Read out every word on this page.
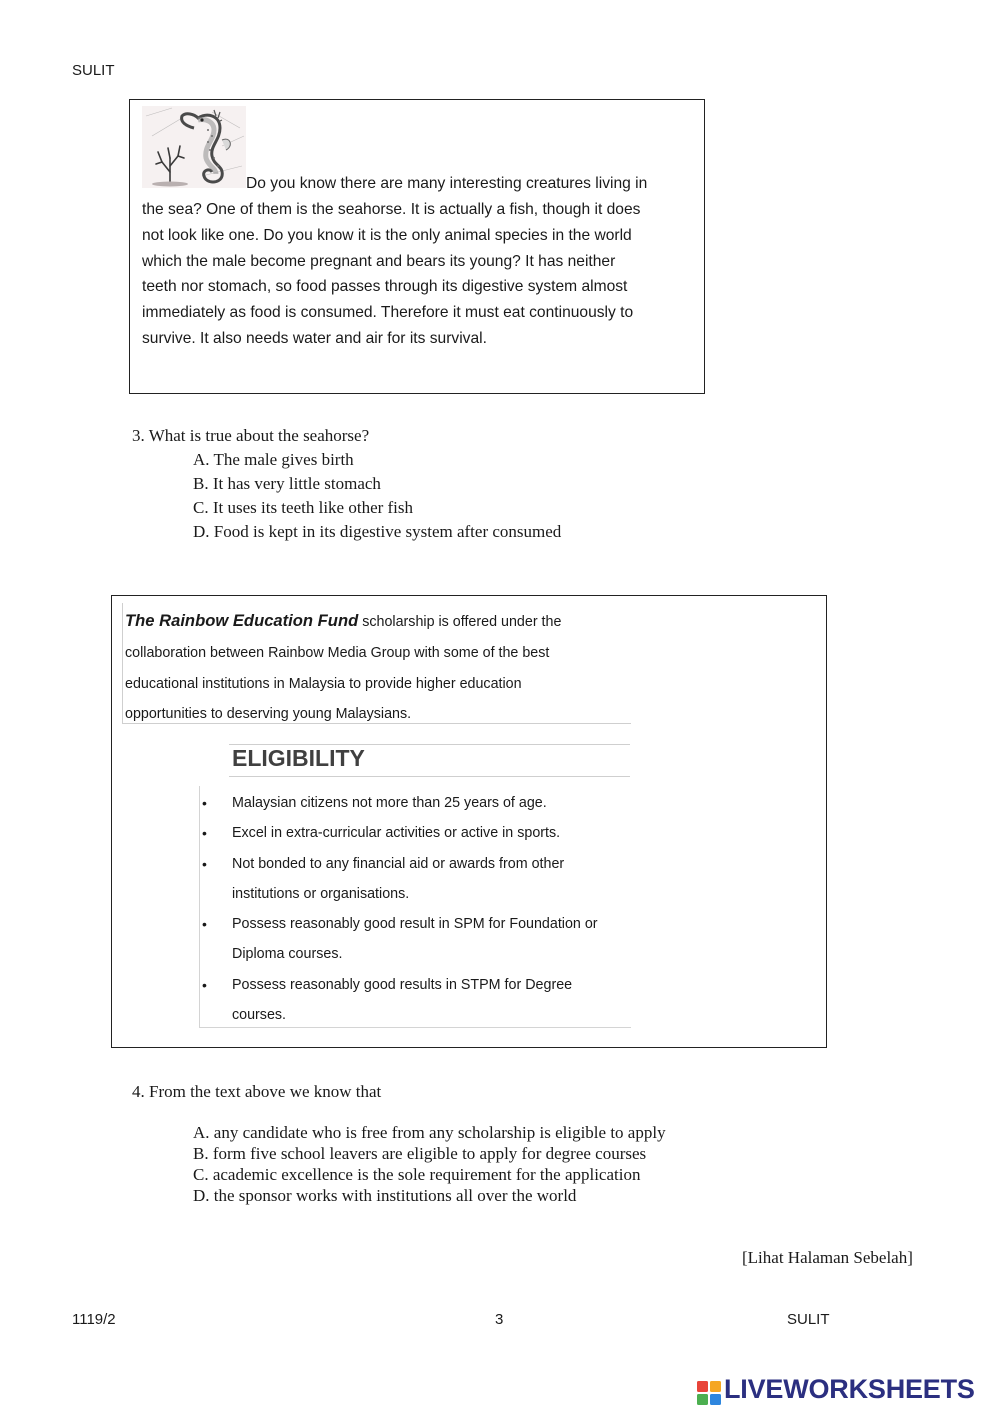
SULIT
Do you know there are many interesting creatures living in
the sea? One of them is the seahorse. It is actually a fish, though it does
not look like one. Do you know it is the only animal species in the world
which the male become pregnant and bears its young? It has neither
teeth nor stomach, so food passes through its digestive system almost
immediately as food is consumed. Therefore it must eat continuously to
survive. It also needs water and air for its survival.
3. What is true about the seahorse?
A. The male gives birth
B. It has very little stomach
C. It uses its teeth like other fish
D. Food is kept in its digestive system after consumed
The Rainbow Education Fund scholarship is offered under the
collaboration between Rainbow Media Group with some of the best
educational institutions in Malaysia to provide higher education
opportunities to deserving young Malaysians.
ELIGIBILITY
• Malaysian citizens not more than 25 years of age.
• Excel in extra-curricular activities or active in sports.
• Not bonded to any financial aid or awards from other
institutions or organisations.
• Possess reasonably good result in SPM for Foundation or
Diploma courses.
• Possess reasonably good results in STPM for Degree
courses.
4. From the text above we know that
A. any candidate who is free from any scholarship is eligible to apply
B. form five school leavers are eligible to apply for degree courses
C. academic excellence is the sole requirement for the application
D. the sponsor works with institutions all over the world
[Lihat Halaman Sebelah]
1119/2	3	SULIT
LIVEWORKSHEETS
